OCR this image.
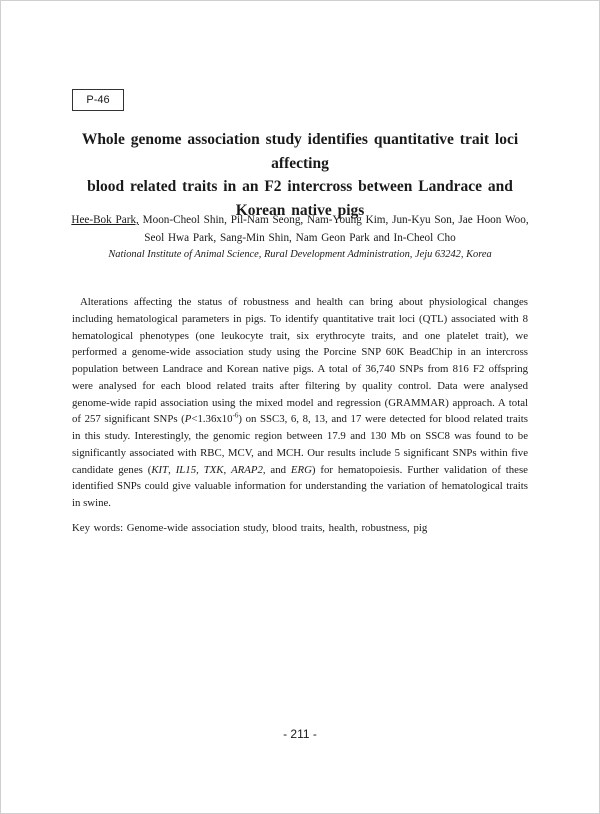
P-46
Whole genome association study identifies quantitative trait loci affecting
blood related traits in an F2 intercross between Landrace and
Korean native pigs
Hee-Bok Park, Moon-Cheol Shin, Pil-Nam Seong, Nam-Young Kim, Jun-Kyu Son, Jae Hoon Woo,
Seol Hwa Park, Sang-Min Shin, Nam Geon Park and In-Cheol Cho
National Institute of Animal Science, Rural Development Administration, Jeju 63242, Korea
Alterations affecting the status of robustness and health can bring about physiological changes
including hematological parameters in pigs. To identify quantitative trait loci (QTL) associated with 8
hematological phenotypes (one leukocyte trait, six erythrocyte traits, and one platelet trait), we
performed a genome-wide association study using the Porcine SNP 60K BeadChip in an intercross
population between Landrace and Korean native pigs. A total of 36,740 SNPs from 816 F2 offspring
were analysed for each blood related traits after filtering by quality control. Data were analysed
genome-wide rapid association using the mixed model and regression (GRAMMAR) approach. A total
of 257 significant SNPs $(P<1.36x10^{-6})$ on SSC3, 6, 8, 13, and 17 were detected for blood related traits
in this study. Interestingly, the genomic region between 17.9 and 130 Mb on SSC8 was found to be
significantly associated with RBC, MCV, and MCH. Our results include 5 significant SNPs within five
candidate genes (KIT, IL15, TXK, ARAP2, and ERG) for hematopoiesis. Further validation of these
identified SNPs could give valuable information for understanding the variation of hematological traits
in swine.
Key words: Genome-wide association study, blood traits, health, robustness, pig
- 211 -
